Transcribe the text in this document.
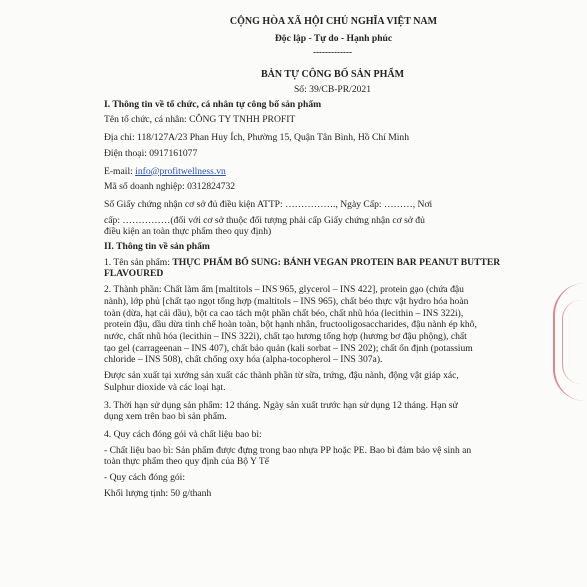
CỘNG HÒA XÃ HỘI CHỦ NGHĨA VIỆT NAM
Độc lập - Tự do - Hạnh phúc
-------------
BẢN TỰ CÔNG BỐ SẢN PHẨM
Số: 39/CB-PR/2021
I. Thông tin về tổ chức, cá nhân tự công bố sản phẩm
Tên tổ chức, cá nhân: CÔNG TY TNHH PROFIT
Địa chỉ: 118/127A/23 Phan Huy Ích, Phường 15, Quận Tân Bình, Hồ Chí Minh
Điện thoại: 0917161077
E-mail: info@profitwellness.vn
Mã số doanh nghiệp: 0312824732
Số Giấy chứng nhận cơ sở đủ điều kiện ATTP: ……………., Ngày Cấp: ………, Nơi
cấp: ……………(đối với cơ sở thuộc đối tượng phải cấp Giấy chứng nhận cơ sở đủ
điều kiện an toàn thực phẩm theo quy định)
II. Thông tin về sản phẩm
1. Tên sản phẩm: THỰC PHẨM BỔ SUNG: BÁNH VEGAN PROTEIN BAR PEANUT BUTTER
FLAVOURED
2. Thành phần: Chất làm ẩm [maltitols – INS 965, glycerol – INS 422], protein gạo (chứa đậu
nành), lớp phủ [chất tạo ngọt tổng hợp (maltitols – INS 965), chất béo thực vật hydro hóa hoàn
toàn (dừa, hạt cải dầu), bột ca cao tách một phần chất béo, chất nhũ hóa (lecithin – INS 322i),
protein đậu, dầu dừa tinh chế hoàn toàn, bột hạnh nhân, fructooligosaccharides, đậu nành ép khô,
nước, chất nhũ hóa (lecithin – INS 322i), chất tạo hương tổng hợp (hương bơ đậu phộng), chất
tạo gel (carrageenan – INS 407), chất bảo quản (kali sorbat – INS 202); chất ổn định (potassium
chloride – INS 508), chất chống oxy hóa (alpha-tocopherol – INS 307a).
Được sản xuất tại xưởng sản xuất các thành phần từ sữa, trứng, đậu nành, động vật giáp xác,
Sulphur dioxide và các loại hạt.
3. Thời hạn sử dụng sản phẩm: 12 tháng. Ngày sản xuất trước hạn sử dụng 12 tháng. Hạn sử
dụng xem trên bao bì sản phẩm.
4. Quy cách đóng gói và chất liệu bao bì:
- Chất liệu bao bì: Sản phẩm được đựng trong bao nhựa PP hoặc PE. Bao bì đảm bảo vệ sinh an
toàn thực phẩm theo quy định của Bộ Y Tế
- Quy cách đóng gói:
Khối lượng tịnh: 50 g/thanh
